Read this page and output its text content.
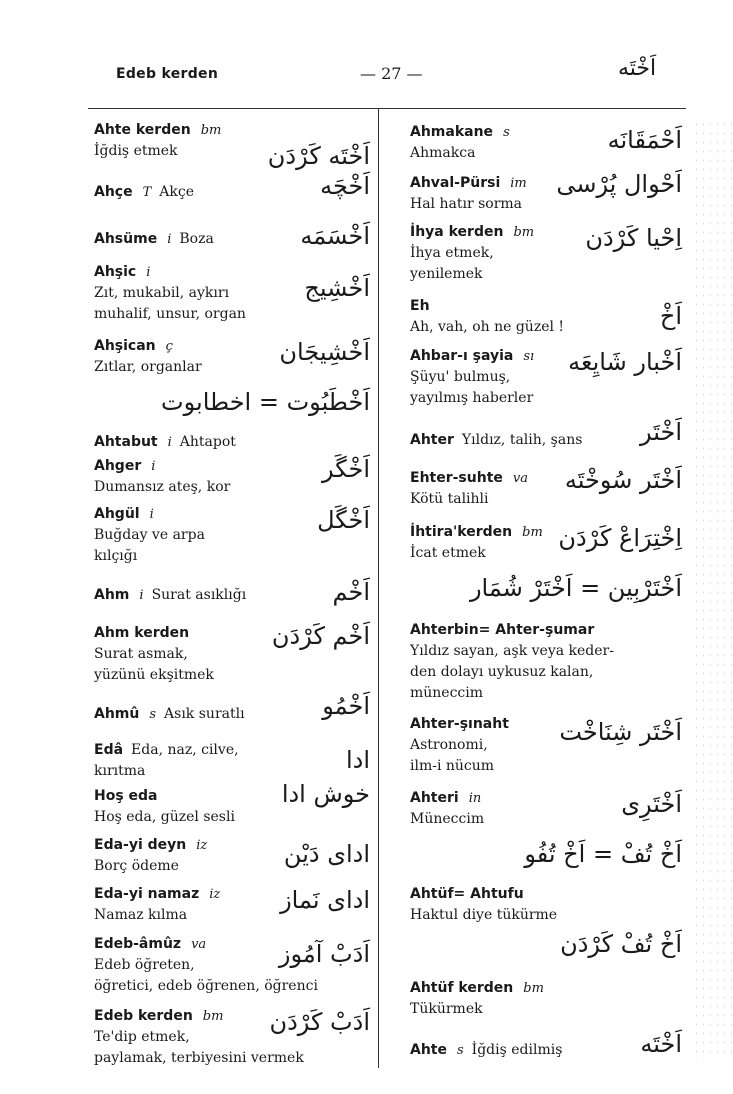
Edeb kerden	— 27 —	اَخْتَه
Ahte kerden bm
İğdiş etmek	اَخْتَه كَرْدَن
Ahçe T Akçe	اَخْچَه
Ahsüme i Boza	اَخْسَمَه
Ahşic i
Zıt, mukabil, aykırı
muhalif, unsur, organ
اَخْشِيج
Ahşican ç
Zıtlar, organlar
اَخْشِيجَان
Ahtabut i Ahtapot
Ahger i
Dumansız ateş, kor
اَخْگَر
Ahgül i
Buğday ve arpa
kılçığı
اَخْگَل
Ahm i Surat asıklığı	اَخْم
Ahm kerden
Surat asmak,
yüzünü ekşitmek
اَخْم كَرْدَن
Ahmû s Asık suratlı	اَخْمُو
Edâ Eda, naz, cilve,
kırıtma	ادا
Hoş eda
Hoş eda, güzel sesli
خوش ادا
Eda-yi deyn iz
Borç ödeme	اداى دَيْن
Eda-yi namaz iz
Namaz kılma
اداى نَماز
Edeb-âmûz va
Edeb öğreten,
öğretici, edeb öğrenen, öğrenci
اَدَبْ آمُوز
Edeb kerden bm
Te'dip etmek,
paylamak, terbiyesini vermek
اَدَبْ كَرْدَن
اَخْطَبُوت = اخطابوت
Ahmakane s
Ahmakca	اَحْمَقَانَه
Ahval-Pürsi im
Hal hatır sorma
اَحْوال پُرْسى
İhya kerden bm
İhya etmek,
yenilemek
اِحْيا كَرْدَن
Eh
Ah, vah, oh ne güzel !	اَخْ
Ahbar-ı şayia sı
Şüyu' bulmuş,
yayılmış haberler
اَخْبار شَايِعَه
Ahter Yıldız, talih, şans	اَخْتَر
Ehter-suhte va
Kötü talihli
اَخْتَر سُوخْتَه
İhtira'kerden bm
İcat etmek
اِخْتِرَاعْ كَرْدَن
Ahterbin= Ahter-şumar
Yıldız sayan, aşk veya keder-
den dolayı uykusuz kalan,
müneccim
Ahter-şınaht
Astronomi,
ilm-i nücum
اَخْتَر شِنَاخْت
Ahteri in
Müneccim
اَخْتَرِى
Ahtüf= Ahtufu
Haktul diye tükürme
Ahtüf kerden bm
Tükürmek
Ahte s İğdiş edilmiş	اَخْتَه
اَخْتَرْبِين = اَخْتَرْ شُمَار
اَخْ تُفْ = اَخْ تُفُو
اَخْ تُفْ كَرْدَن
